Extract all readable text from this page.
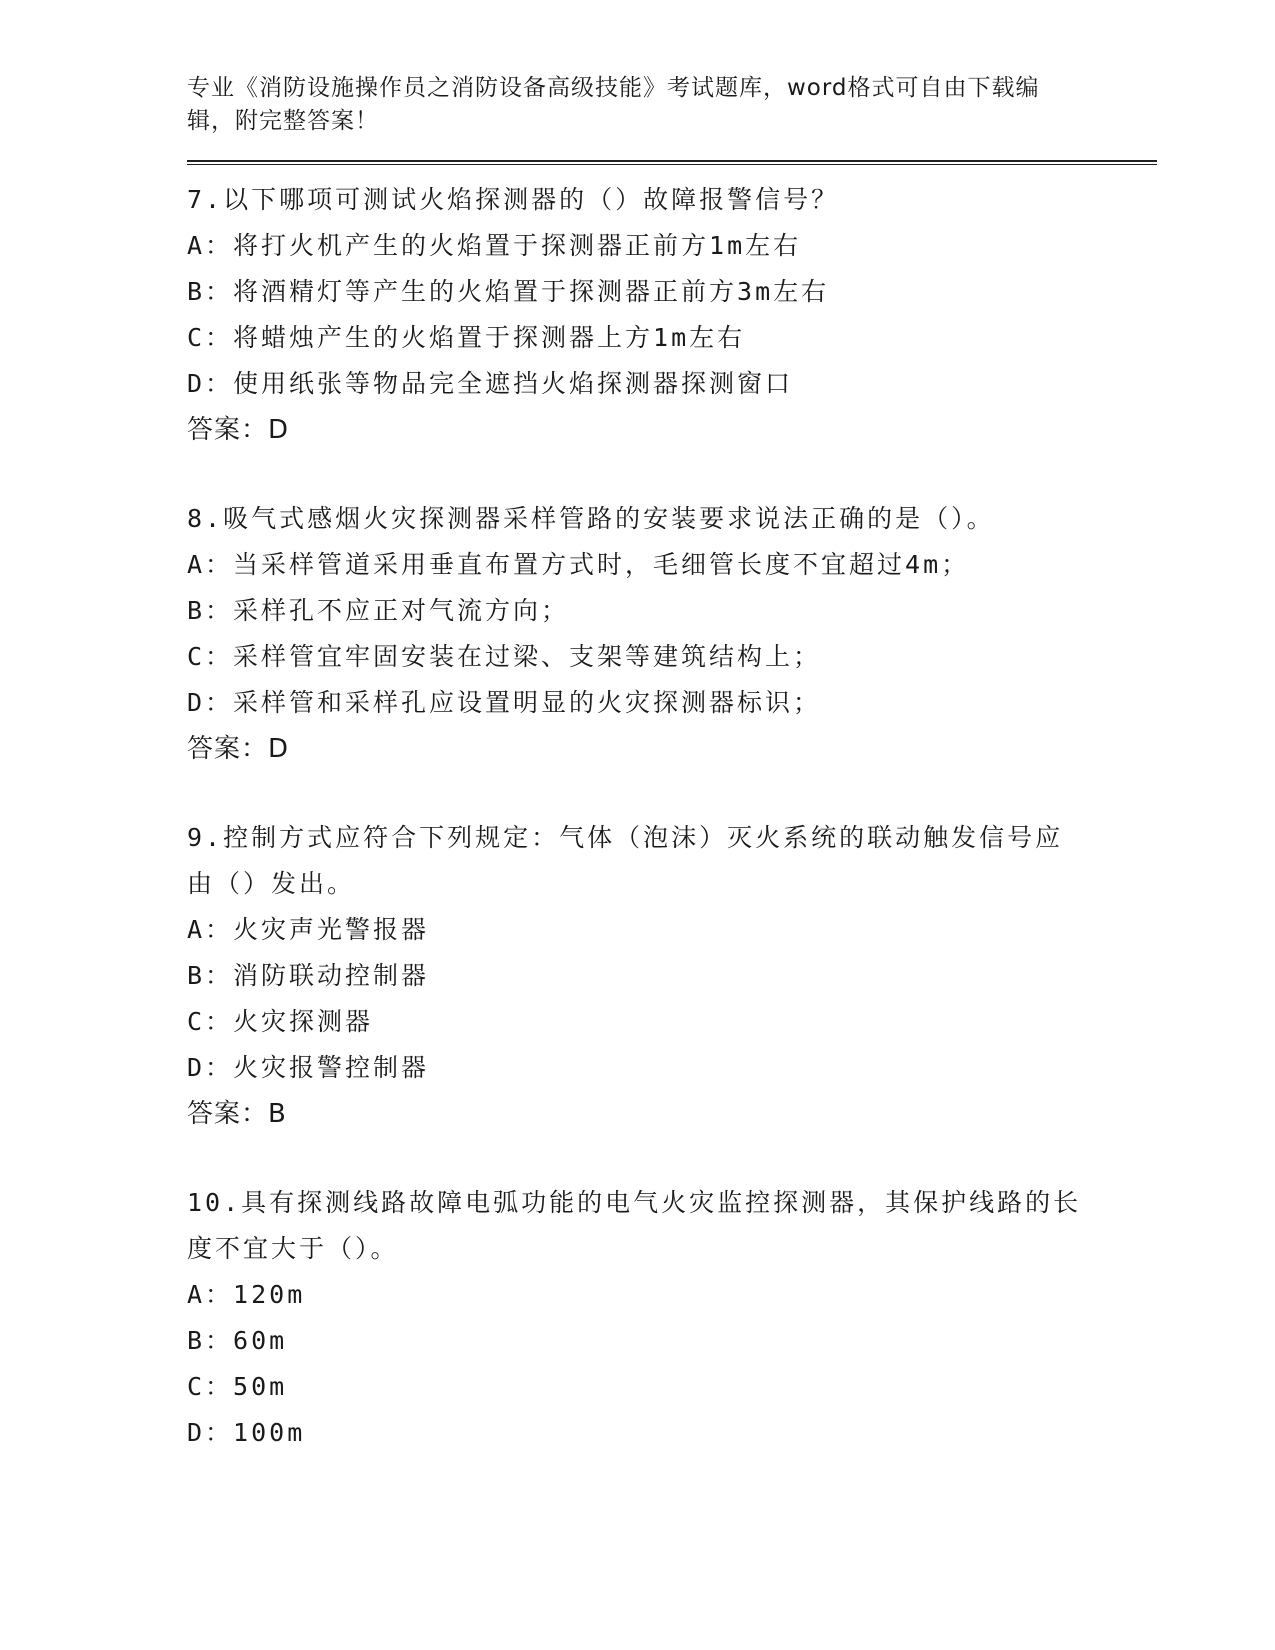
专业《消防设施操作员之消防设备高级技能》考试题库，word格式可自由下载编辑，附完整答案！

7.以下哪项可测试火焰探测器的（）故障报警信号？

A：将打火机产生的火焰置于探测器正前方1m左右

B：将酒精灯等产生的火焰置于探测器正前方3m左右

C：将蜡烛产生的火焰置于探测器上方1m左右

D：使用纸张等物品完全遮挡火焰探测器探测窗口

答案：D

8.吸气式感烟火灾探测器采样管路的安装要求说法正确的是（）。

A：当采样管道采用垂直布置方式时，毛细管长度不宜超过4m；

B：采样孔不应正对气流方向；

C：采样管宜牢固安装在过梁、支架等建筑结构上；

D：采样管和采样孔应设置明显的火灾探测器标识；

答案：D

9.控制方式应符合下列规定：气体（泡沫）灭火系统的联动触发信号应由（）发出。

A：火灾声光警报器

B：消防联动控制器

C：火灾探测器

D：火灾报警控制器

答案：B

10.具有探测线路故障电弧功能的电气火灾监控探测器，其保护线路的长度不宜大于（）。

A：120m

B：60m

C：50m

D：100m
